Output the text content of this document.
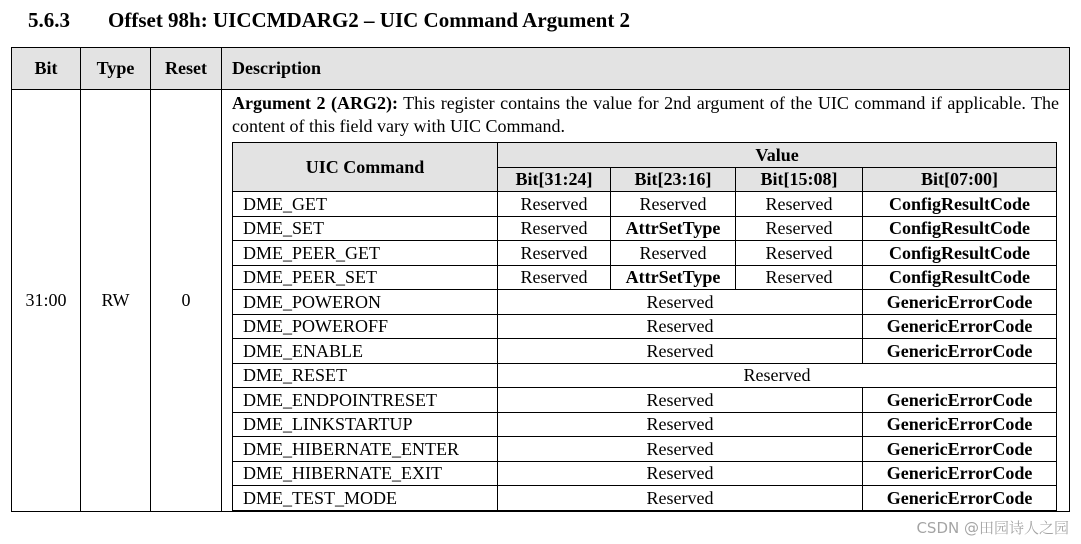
5.6.3 Offset 98h: UICCMDARG2 – UIC Command Argument 2
Bit	Type	Reset	Description
31:00	RW	0	
Argument 2 (ARG2): This register contains the value for 2nd argument of the UIC command if applicable. The content of this field vary with UIC Command.
UIC Command	Value
Bit[31:24]	Bit[23:16]	Bit[15:08]	Bit[07:00]
DME_GET	Reserved	Reserved	Reserved	ConfigResultCode
DME_SET	Reserved	AttrSetType	Reserved	ConfigResultCode
DME_PEER_GET	Reserved	Reserved	Reserved	ConfigResultCode
DME_PEER_SET	Reserved	AttrSetType	Reserved	ConfigResultCode
DME_POWERON	Reserved	GenericErrorCode
DME_POWEROFF	Reserved	GenericErrorCode
DME_ENABLE	Reserved	GenericErrorCode
DME_RESET	Reserved
DME_ENDPOINTRESET	Reserved	GenericErrorCode
DME_LINKSTARTUP	Reserved	GenericErrorCode
DME_HIBERNATE_ENTER	Reserved	GenericErrorCode
DME_HIBERNATE_EXIT	Reserved	GenericErrorCode
DME_TEST_MODE	Reserved	GenericErrorCode
CSDN @田园诗人之园
